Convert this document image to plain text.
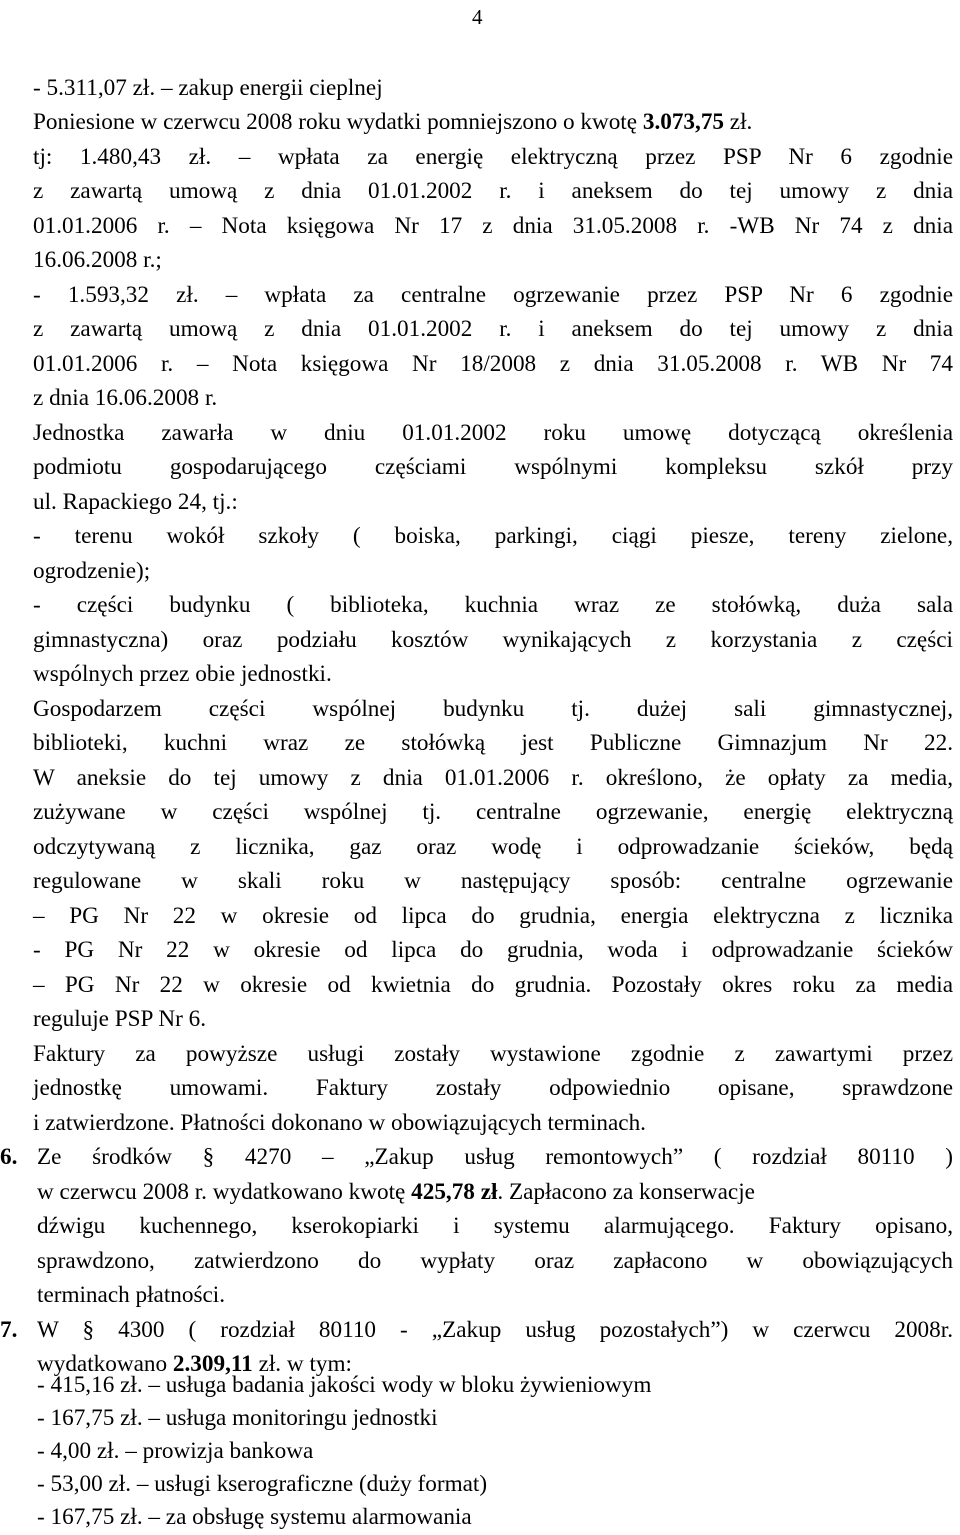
4
- 5.311,07 zł. – zakup energii cieplnej
Poniesione w czerwcu 2008 roku wydatki pomniejszono o kwotę 3.073,75 zł.
tj: 1.480,43 zł. – wpłata za energię elektryczną przez PSP Nr 6 zgodnie
z zawartą umową z dnia 01.01.2002 r. i aneksem do tej umowy z dnia
01.01.2006 r. – Nota księgowa Nr 17 z dnia 31.05.2008 r. -WB Nr 74 z dnia
16.06.2008 r.;
- 1.593,32 zł. – wpłata za centralne ogrzewanie przez PSP Nr 6 zgodnie
z zawartą umową z dnia 01.01.2002 r. i aneksem do tej umowy z dnia
01.01.2006 r. – Nota księgowa Nr 18/2008 z dnia 31.05.2008 r. WB Nr 74
z dnia 16.06.2008 r.
Jednostka zawarła w dniu 01.01.2002 roku umowę dotyczącą określenia
podmiotu gospodarującego częściami wspólnymi kompleksu szkół przy
ul. Rapackiego 24, tj.:
- terenu wokół szkoły ( boiska, parkingi, ciągi piesze, tereny zielone,
ogrodzenie);
- części budynku ( biblioteka, kuchnia wraz ze stołówką, duża sala
gimnastyczna) oraz podziału kosztów wynikających z korzystania z części
wspólnych przez obie jednostki.
Gospodarzem części wspólnej budynku tj. dużej sali gimnastycznej,
biblioteki, kuchni wraz ze stołówką jest Publiczne Gimnazjum Nr 22.
W aneksie do tej umowy z dnia 01.01.2006 r. określono, że opłaty za media,
zużywane w części wspólnej tj. centralne ogrzewanie, energię elektryczną
odczytywaną z licznika, gaz oraz wodę i odprowadzanie ścieków, będą
regulowane w skali roku w następujący sposób: centralne ogrzewanie
– PG Nr 22 w okresie od lipca do grudnia, energia elektryczna z licznika
- PG Nr 22 w okresie od lipca do grudnia, woda i odprowadzanie ścieków
– PG Nr 22 w okresie od kwietnia do grudnia. Pozostały okres roku za media
reguluje PSP Nr 6.
Faktury za powyższe usługi zostały wystawione zgodnie z zawartymi przez
jednostkę umowami. Faktury zostały odpowiednio opisane, sprawdzone
i zatwierdzone. Płatności dokonano w obowiązujących terminach.
6. Ze środków § 4270 – „Zakup usług remontowych” ( rozdział 80110 )
w czerwcu 2008 r. wydatkowano kwotę 425,78 zł. Zapłacono za konserwacje
dźwigu kuchennego, kserokopiarki i systemu alarmującego. Faktury opisano,
sprawdzono, zatwierdzono do wypłaty oraz zapłacono w obowiązujących
terminach płatności.
7. W § 4300 ( rozdział 80110 - „Zakup usług pozostałych”) w czerwcu 2008r.
wydatkowano 2.309,11 zł. w tym:
- 415,16 zł. – usługa badania jakości wody w bloku żywieniowym
- 167,75 zł. – usługa monitoringu jednostki
- 4,00 zł. – prowizja bankowa
- 53,00 zł. – usługi kserograficzne (duży format)
- 167,75 zł. – za obsługę systemu alarmowania
